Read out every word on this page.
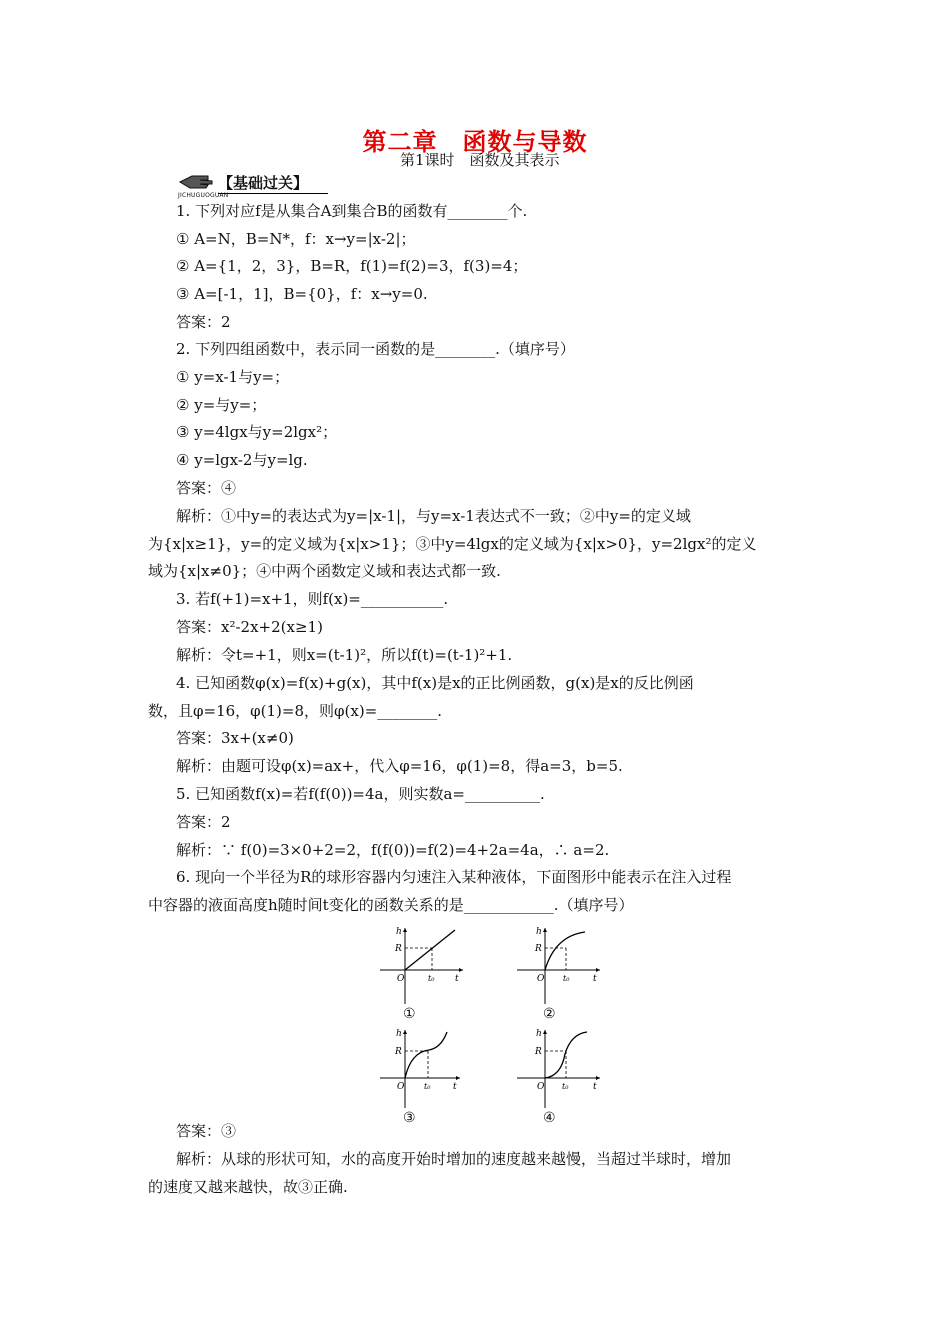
第二章　函数与导数
第1课时　函数及其表示
【基础过关】
JICHUGUOGUAN
1. 下列对应f是从集合A到集合B的函数有________个.
① A=N，B=N*，f：x→y=|x-2|；
② A={1，2，3}，B=R，f(1)=f(2)=3，f(3)=4；
③ A=[-1，1]，B={0}，f：x→y=0.
答案：2
2. 下列四组函数中，表示同一函数的是________.（填序号）
① y=x-1与y=；
② y=与y=；
③ y=4lgx与y=2lgx²；
④ y=lgx-2与y=lg.
答案：④
解析：①中y=的表达式为y=|x-1|，与y=x-1表达式不一致；②中y=的定义域
为{x|x≥1}，y=的定义域为{x|x>1}；③中y=4lgx的定义域为{x|x>0}，y=2lgx²的定义
域为{x|x≠0}；④中两个函数定义域和表达式都一致.
3. 若f(+1)=x+1，则f(x)=___________.
答案：x²-2x+2(x≥1)
解析：令t=+1，则x=(t-1)²，所以f(t)=(t-1)²+1.
4. 已知函数φ(x)=f(x)+g(x)，其中f(x)是x的正比例函数，g(x)是x的反比例函
数，且φ=16，φ(1)=8，则φ(x)=________.
答案：3x+(x≠0)
解析：由题可设φ(x)=ax+，代入φ=16，φ(1)=8，得a=3，b=5.
5. 已知函数f(x)=若f(f(0))=4a，则实数a=__________.
答案：2
解析：∵ f(0)=3×0+2=2，f(f(0))=f(2)=4+2a=4a，∴ a=2.
6. 现向一个半径为R的球形容器内匀速注入某种液体，下面图形中能表示在注入过程
中容器的液面高度h随时间t变化的函数关系的是____________.（填序号）
h
R
O	t₀ t
①
h
R
O t₀	t
②
h
R
O t₀	t
③
h
R
O t₀	t
④
答案：③
解析：从球的形状可知，水的高度开始时增加的速度越来越慢，当超过半球时，增加
的速度又越来越快，故③正确.
